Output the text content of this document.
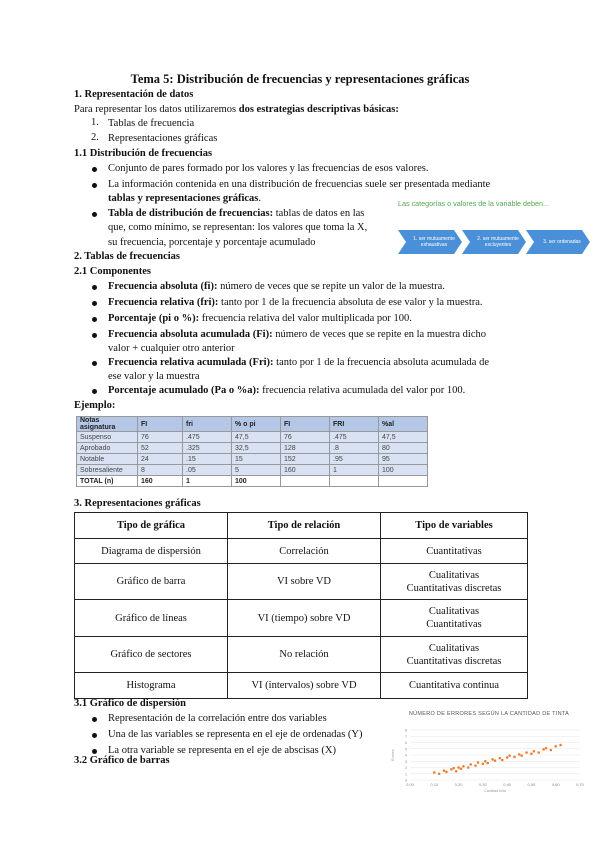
Tema 5: Distribución de frecuencias y representaciones gráficas
1. Representación de datos
Para representar los datos utilizaremos dos estrategias descriptivas básicas:
1. Tablas de frecuencia
2. Representaciones gráficas
1.1 Distribución de frecuencias
Conjunto de pares formado por los valores y las frecuencias de esos valores.
La información contenida en una distribución de frecuencias suele ser presentada mediante
tablas y representaciones gráficas.
Tabla de distribución de frecuencias: tablas de datos en las
que, como mínimo, se representan: los valores que toma la X,
su frecuencia, porcentaje y porcentaje acumulado
Las categorías o valores de la variable deben...
1. ser mutuamente exhaustivas
2. ser mutuamente excluyentes	3. ser ordenadas
2. Tablas de frecuencias
2.1 Componentes
Frecuencia absoluta (fi): número de veces que se repite un valor de la muestra.
Frecuencia relativa (fri): tanto por 1 de la frecuencia absoluta de ese valor y la muestra.
Porcentaje (pi o %): frecuencia relativa del valor multiplicada por 100.
Frecuencia absoluta acumulada (Fi): número de veces que se repite en la muestra dicho
valor + cualquier otro anterior
Frecuencia relativa acumulada (Fri): tanto por 1 de la frecuencia absoluta acumulada de
ese valor y la muestra
Porcentaje acumulado (Pa o %a): frecuencia relativa acumulada del valor por 100.
Ejemplo:
Notas asignatura	FI	fri	% o pi	FI	FRI	%al
Suspenso	76	.475	47,5	76	.475	47,5
Aprobado	52	.325	32,5	128	.8	80
Notable	24	.15	15	152	.95	95
Sobresaliente	8	.05	5	160	1	100
TOTAL (n)	160	1	100			
3. Representaciones gráficas
Tipo de gráfica	Tipo de relación	Tipo de variables
Diagrama de dispersión	Correlación	Cuantitativas

Gráfico de barra	VI sobre VD	Cualitativas
Cuantitativas discretas

Gráfico de líneas	VI (tiempo) sobre VD	Cualitativas
Cuantitativas

Gráfico de sectores	No relación	Cualitativas
Cuantitativas discretas

Histograma	VI (intervalos) sobre VD	Cuantitativa continua
3.1 Gráfico de dispersión
Representación de la correlación entre dos variables
Una de las variables se representa en el eje de ordenadas (Y)
La otra variable se representa en el eje de abscisas (X)
3.2 Gráfico de barras
NÚMERO DE ERRORES SEGÚN LA CANTIDAD DE TINTA
0
1
2
3
4
5
6
7
8
0,00	0,10	0,20	0,30	0,40	0,50	0,60	0,70
Cantidad tinta
Errores
